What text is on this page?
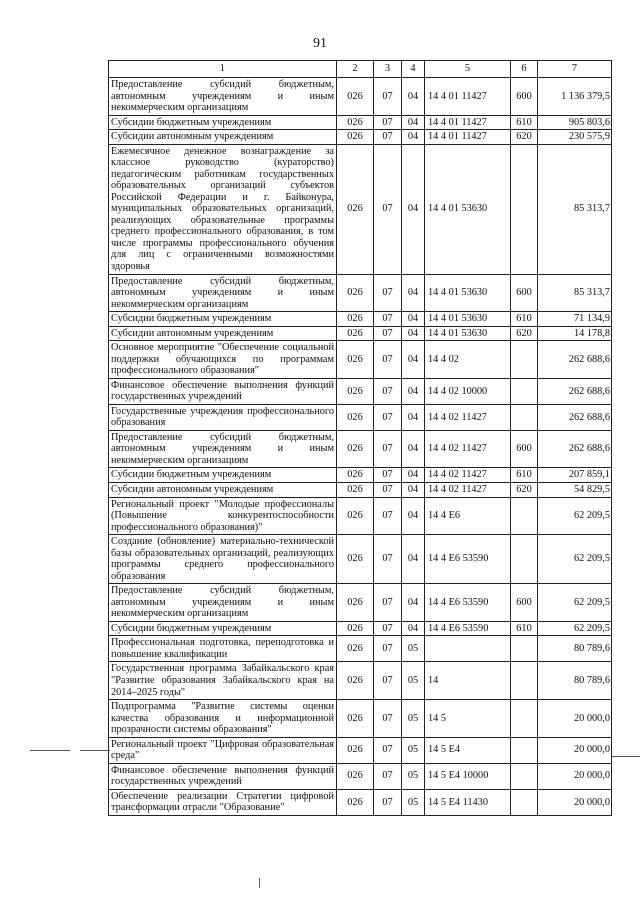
91
1	2	3	4	5	6	7
Предоставление субсидий бюджетным, автономным учреждениям и иным некоммерческим организациям	026	07	04	14 4 01 11427	600	1 136 379,5
Субсидии бюджетным учреждениям	026	07	04	14 4 01 11427	610	905 803,6
Субсидии автономным учреждениям	026	07	04	14 4 01 11427	620	230 575,9
Ежемесячное денежное вознаграждение за классное руководство (кураторство) педагогическим работникам государственных образовательных организаций субъектов Российской Федерации и г. Байконура, муниципальных образовательных организаций, реализующих образовательные программы среднего профессионального образования, в том числе программы профессионального обучения для лиц с ограниченными возможностями здоровья	026	07	04	14 4 01 53630		85 313,7
Предоставление субсидий бюджетным, автономным учреждениям и иным некоммерческим организациям	026	07	04	14 4 01 53630	600	85 313,7
Субсидии бюджетным учреждениям	026	07	04	14 4 01 53630	610	71 134,9
Субсидии автономным учреждениям	026	07	04	14 4 01 53630	620	14 178,8
Основное мероприятие "Обеспечение социальной поддержки обучающихся по программам профессионального образования"	026	07	04	14 4 02		262 688,6
Финансовое обеспечение выполнения функций государственных учреждений	026	07	04	14 4 02 10000		262 688,6
Государственные учреждения профессионального образования	026	07	04	14 4 02 11427		262 688,6
Предоставление субсидий бюджетным, автономным учреждениям и иным некоммерческим организациям	026	07	04	14 4 02 11427	600	262 688,6
Субсидии бюджетным учреждениям	026	07	04	14 4 02 11427	610	207 859,1
Субсидии автономным учреждениям	026	07	04	14 4 02 11427	620	54 829,5
Региональный проект "Молодые профессионалы (Повышение конкурентоспособности профессионального образования)"	026	07	04	14 4 Е6		62 209,5
Создание (обновление) материально-технической базы образовательных организаций, реализующих программы среднего профессионального образования	026	07	04	14 4 Е6 53590		62 209,5
Предоставление субсидий бюджетным, автономным учреждениям и иным некоммерческим организациям	026	07	04	14 4 Е6 53590	600	62 209,5
Субсидии бюджетным учреждениям	026	07	04	14 4 Е6 53590	610	62 209,5
Профессиональная подготовка, переподготовка и повышение квалификации	026	07	05			80 789,6
Государственная программа Забайкальского края "Развитие образования Забайкальского края на 2014–2025 годы"	026	07	05	14		80 789,6
Подпрограмма "Развитие системы оценки качества образования и информационной прозрачности системы образования"	026	07	05	14 5		20 000,0
Региональный проект "Цифровая образовательная среда"	026	07	05	14 5 Е4		20 000,0
Финансовое обеспечение выполнения функций государственных учреждений	026	07	05	14 5 Е4 10000		20 000,0
Обеспечение реализации Стратегии цифровой трансформации отрасли "Образование"	026	07	05	14 5 Е4 11430		20 000,0
